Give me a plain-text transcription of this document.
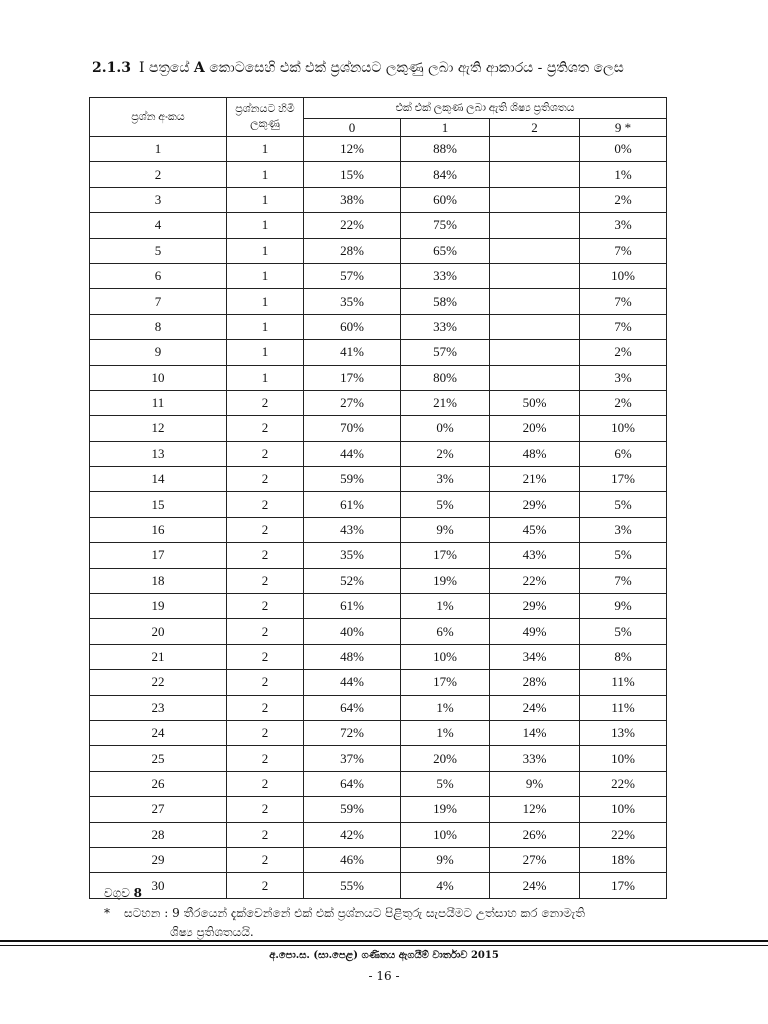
2.1.3 I පත්‍රයේ A කොටසෙහි එක් එක් ප්‍රශ්නයට ලකුණු ලබා ඇති ආකාරය - ප්‍රතිශත ලෙස
ප්‍රශ්න අංකය	ප්‍රශ්නයට හිමි ලකුණු	එක් එක් ලකුණ ලබා ඇති ශිෂ්‍ය ප්‍රතිශතය			
		0	1	2	9 *
1	1	12%	88%		0%
2	1	15%	84%		1%
3	1	38%	60%		2%
4	1	22%	75%		3%
5	1	28%	65%		7%
6	1	57%	33%		10%
7	1	35%	58%		7%
8	1	60%	33%		7%
9	1	41%	57%		2%
10	1	17%	80%		3%
11	2	27%	21%	50%	2%
12	2	70%	0%	20%	10%
13	2	44%	2%	48%	6%
14	2	59%	3%	21%	17%
15	2	61%	5%	29%	5%
16	2	43%	9%	45%	3%
17	2	35%	17%	43%	5%
18	2	52%	19%	22%	7%
19	2	61%	1%	29%	9%
20	2	40%	6%	49%	5%
21	2	48%	10%	34%	8%
22	2	44%	17%	28%	11%
23	2	64%	1%	24%	11%
24	2	72%	1%	14%	13%
25	2	37%	20%	33%	10%
26	2	64%	5%	9%	22%
27	2	59%	19%	12%	10%
28	2	42%	10%	26%	22%
29	2	46%	9%	27%	18%
30	2	55%	4%	24%	17%
වගුව 8
* සටහන : 9 තීරයෙන් දැක්වෙන්නේ එක් එක් ප්‍රශ්නයට පිළිතුරු සැපයීමට උත්සාහ කර නොමැති
ශිෂ්‍ය ප්‍රතිශතයයි.
අ.පො.ස. (සා.පෙළ) ගණිතය ඇගයීම් වාර්තාව 2015
- 16 -
